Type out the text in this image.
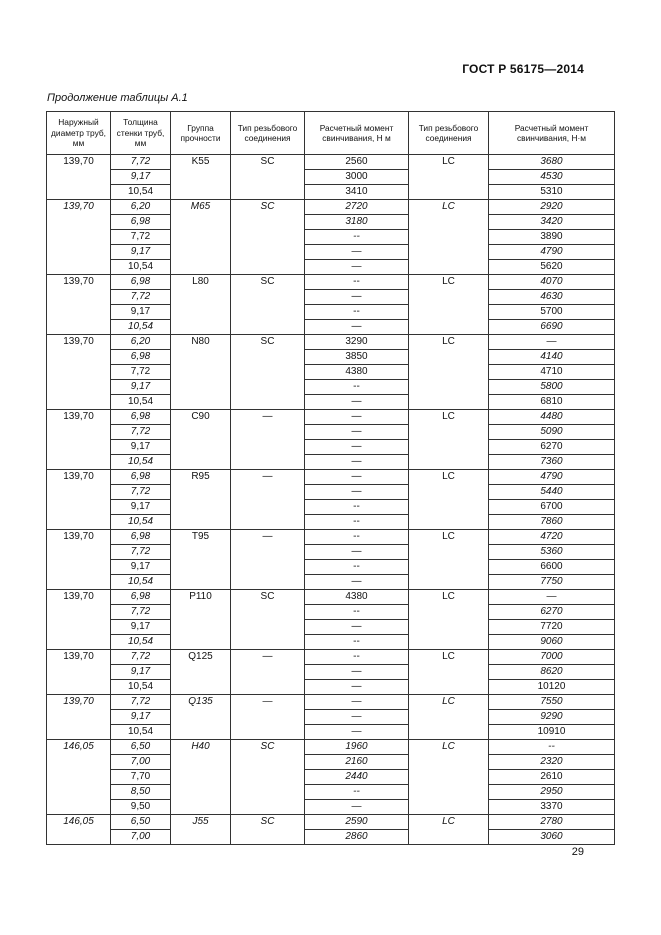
ГОСТ Р 56175—2014
Продолжение таблицы А.1
Наружный диаметр труб, мм	Толщина стенки труб, мм	Группа прочности	Тип резьбового соединения	Расчетный момент свинчивания, Н м	Тип резьбового соединения	Расчетный момент свинчивания, Н·м
139,70	7,72	K55	SC	2560	LC	3680
	9,17			3000		4530
	10,54			3410		5310
139,70	6,20	M65	SC	2720	LC	2920
	6,98			3180		3420
	7,72			--		3890
	9,17			—		4790
	10,54			—		5620
139,70	6,98	L80	SC	--	LC	4070
	7,72			—		4630
	9,17			--		5700
	10,54			—		6690
139,70	6,20	N80	SC	3290	LC	—
	6,98			3850		4140
	7,72			4380		4710
	9,17			--		5800
	10,54			—		6810
139,70	6,98	C90	—	—	LC	4480
	7,72			—		5090
	9,17			—		6270
	10,54			—		7360
139,70	6,98	R95	—	—	LC	4790
	7,72			—		5440
	9,17			--		6700
	10,54			--		7860
139,70	6,98	T95	—	--	LC	4720
	7,72			—		5360
	9,17			--		6600
	10,54			—		7750
139,70	6,98	P110	SC	4380	LC	—
	7,72			--		6270
	9,17			—		7720
	10,54			--		9060
139,70	7,72	Q125	—	--	LC	7000
	9,17			—		8620
	10,54			—		10120
139,70	7,72	Q135	—	—	LC	7550
	9,17			—		9290
	10,54			—		10910
146,05	6,50	H40	SC	1960	LC	--
	7,00			2160		2320
	7,70			2440		2610
	8,50			--		2950
	9,50			—		3370
146,05	6,50	J55	SC	2590	LC	2780
	7,00			2860		3060
29
